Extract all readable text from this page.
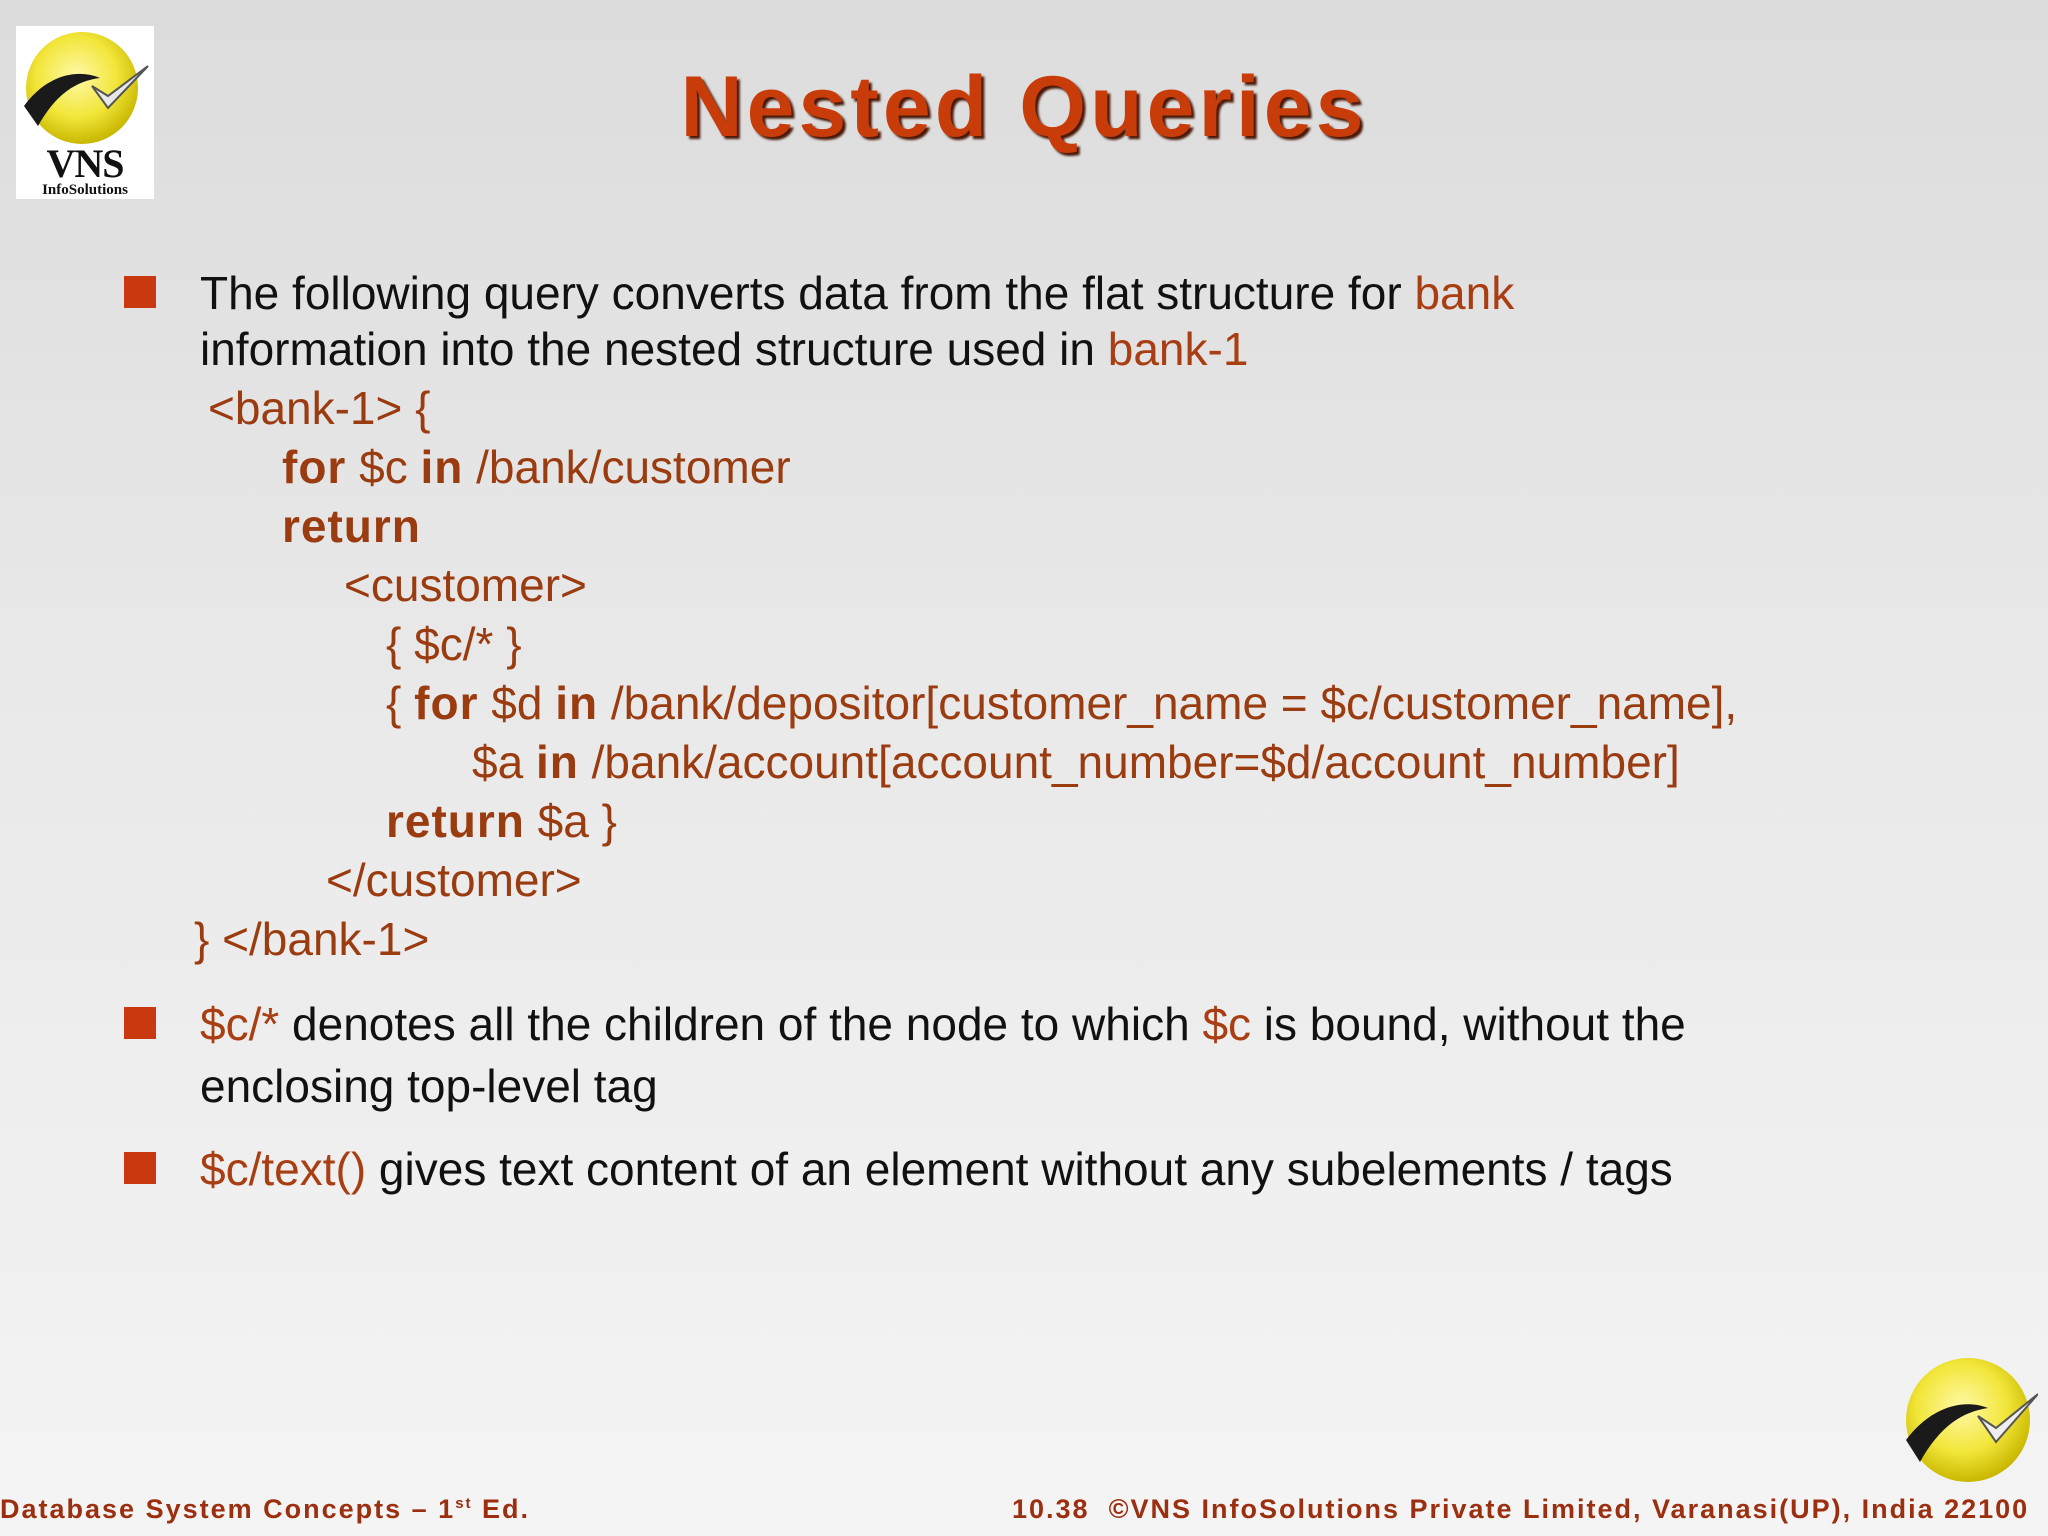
VNS
InfoSolutions
Nested Queries
The following query converts data from the flat structure for bank
information into the nested structure used in bank-1
<bank-1> {
for $c in /bank/customer
return
<customer>
{ $c/* }
{ for $d in /bank/depositor[customer_name = $c/customer_name],
$a in /bank/account[account_number=$d/account_number]
return $a }
</customer>
} </bank-1>
$c/* denotes all the children of the node to which $c is bound, without the
enclosing top-level tag
$c/text() gives text content of an element without any subelements / tags
Database System Concepts – 1st Ed.	10.38 ©VNS InfoSolutions Private Limited, Varanasi(UP), India 22100
